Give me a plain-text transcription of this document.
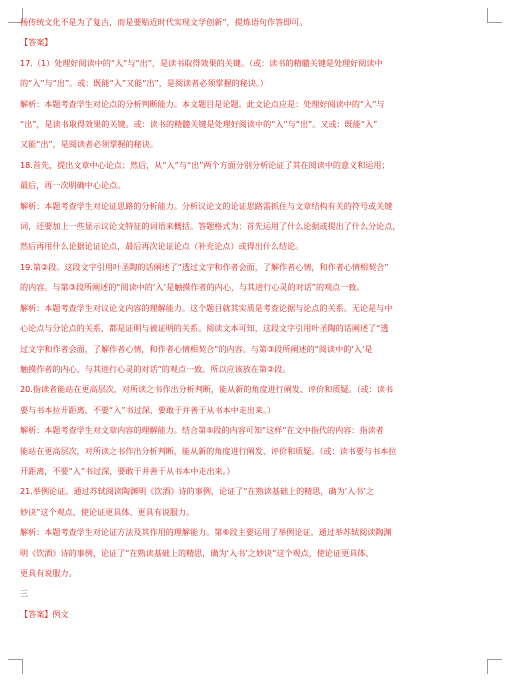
扬传统文化不是为了复古，而是要贴近时代实现文学创新”，提炼语句作答即可。

【答案】

17.（1）处理好阅读中的“入”与“出”，是读书取得效果的关键。（或：读书的精髓关键是处理好阅读中

的“入”与“出”。或：既能“入”又能“出”，是阅读者必须掌握的秘诀。）

解析：本题考查学生对论点的分析判断能力。本文题目是论题。此文论点应是：处理好阅读中的“入”与

“出”，是读书取得效果的关键。或：读书的精髓关键是处理好阅读中的“入”与“出”。又或：既能“入”

又能“出”，是阅读者必须掌握的秘诀。

18.首先，提出文章中心论点；然后，从“入”与“出”两个方面分别分析论证了其在阅读中的意义和运用；

最后，再一次明确中心论点。

解析：本题考查学生对论证思路的分析能力。分析议论文的论证思路需抓住与文章结构有关的符号或关键

词，还要加上一些显示议论文特征的词语来概括。答题格式为：首先运用了什么论据或提出了什么分论点，

然后再用什么论据论证论点，最后再次论证论点（补充论点）或得出什么结论。

19.第②段。这段文字引用叶圣陶的话阐述了“透过文字和作者会面，了解作者心情，和作者心情相契合”

的内容。与第③段所阐述的“阅读中的‘入’是触摸作者的内心，与其进行心灵的对话”的观点一致。

解析：本题考查学生对议论文内容的理解能力。这个题目就其实质是考查论据与论点的关系。无论是与中

心论点与分论点的关系，都是证明与被证明的关系。阅读文本可知，这段文字引用叶圣陶的话阐述了“透

过文字和作者会面，了解作者心情，和作者心情相契合”的内容。与第③段所阐述的“阅读中的‘入’是

触摸作者的内心，与其进行心灵的对话”的观点一致。所以应该放在第②段。

20.指读者能站在更高层次，对所读之书作出分析判断，能从新的角度进行阐发、评价和质疑。（或：读书

要与书本拉开距离，不要“入”书过深，要敢于并善于从书本中走出来。）

解析：本题考查学生对文章内容的理解能力。结合第⑤段的内容可知“这样”在文中指代的内容：指读者

能站在更高层次，对所读之书作出分析判断，能从新的角度进行阐发、评价和质疑。（或：读书要与书本拉

开距离，不要“入”书过深，要敢于并善于从书本中走出来。）

21.举例论证。通过苏轼阅读陶渊明《饮酒》诗的事例，论证了“在熟读基础上的精思，确为‘入书’之

妙诀”这个观点，使论证更具体、更具有说服力。

解析：本题考查学生对论证方法及其作用的理解能力。第⑥段主要运用了举例论证。通过举苏轼阅读陶渊

明《饮酒》诗的事例，论证了“在熟读基础上的精思，确为‘入书’之妙诀”这个观点，使论证更具体、

更具有说服力。

三

【答案】例文
